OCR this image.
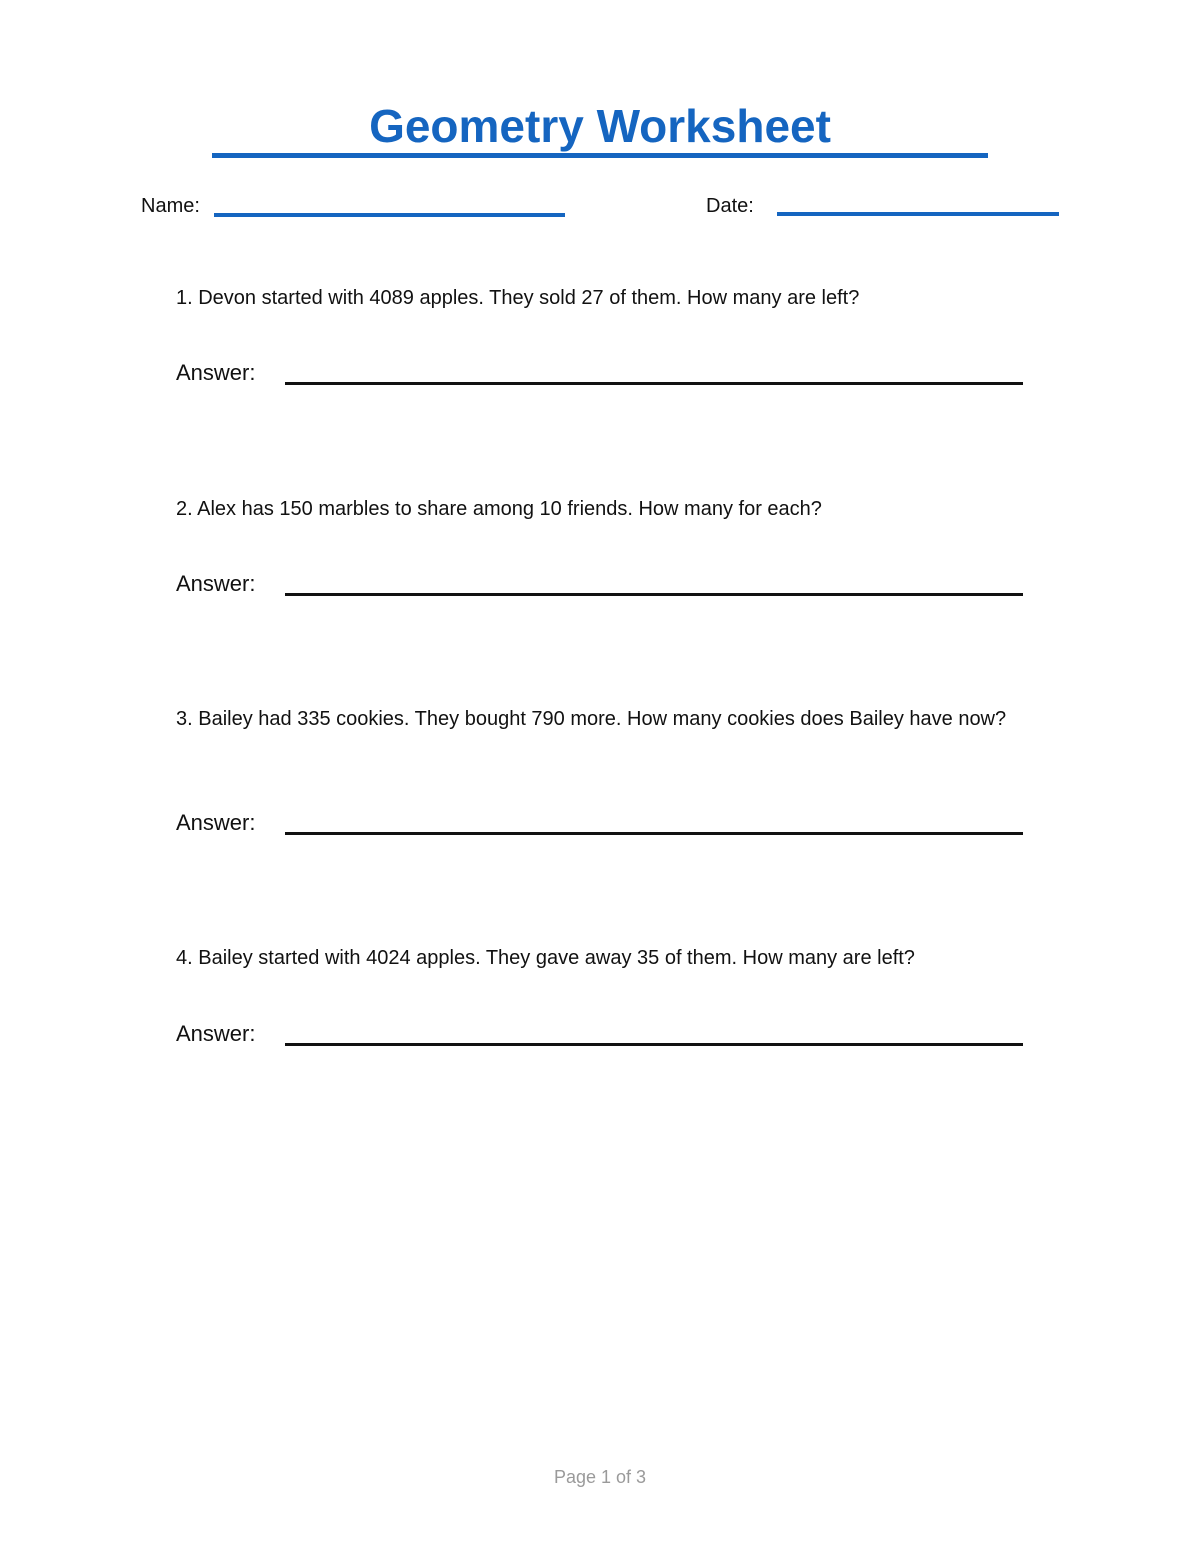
Geometry Worksheet
Name:	Date:
1. Devon started with 4089 apples. They sold 27 of them. How many are left?
Answer:
2. Alex has 150 marbles to share among 10 friends. How many for each?
Answer:
3. Bailey had 335 cookies. They bought 790 more. How many cookies does Bailey have now?
Answer:
4. Bailey started with 4024 apples. They gave away 35 of them. How many are left?
Answer:
Page 1 of 3
